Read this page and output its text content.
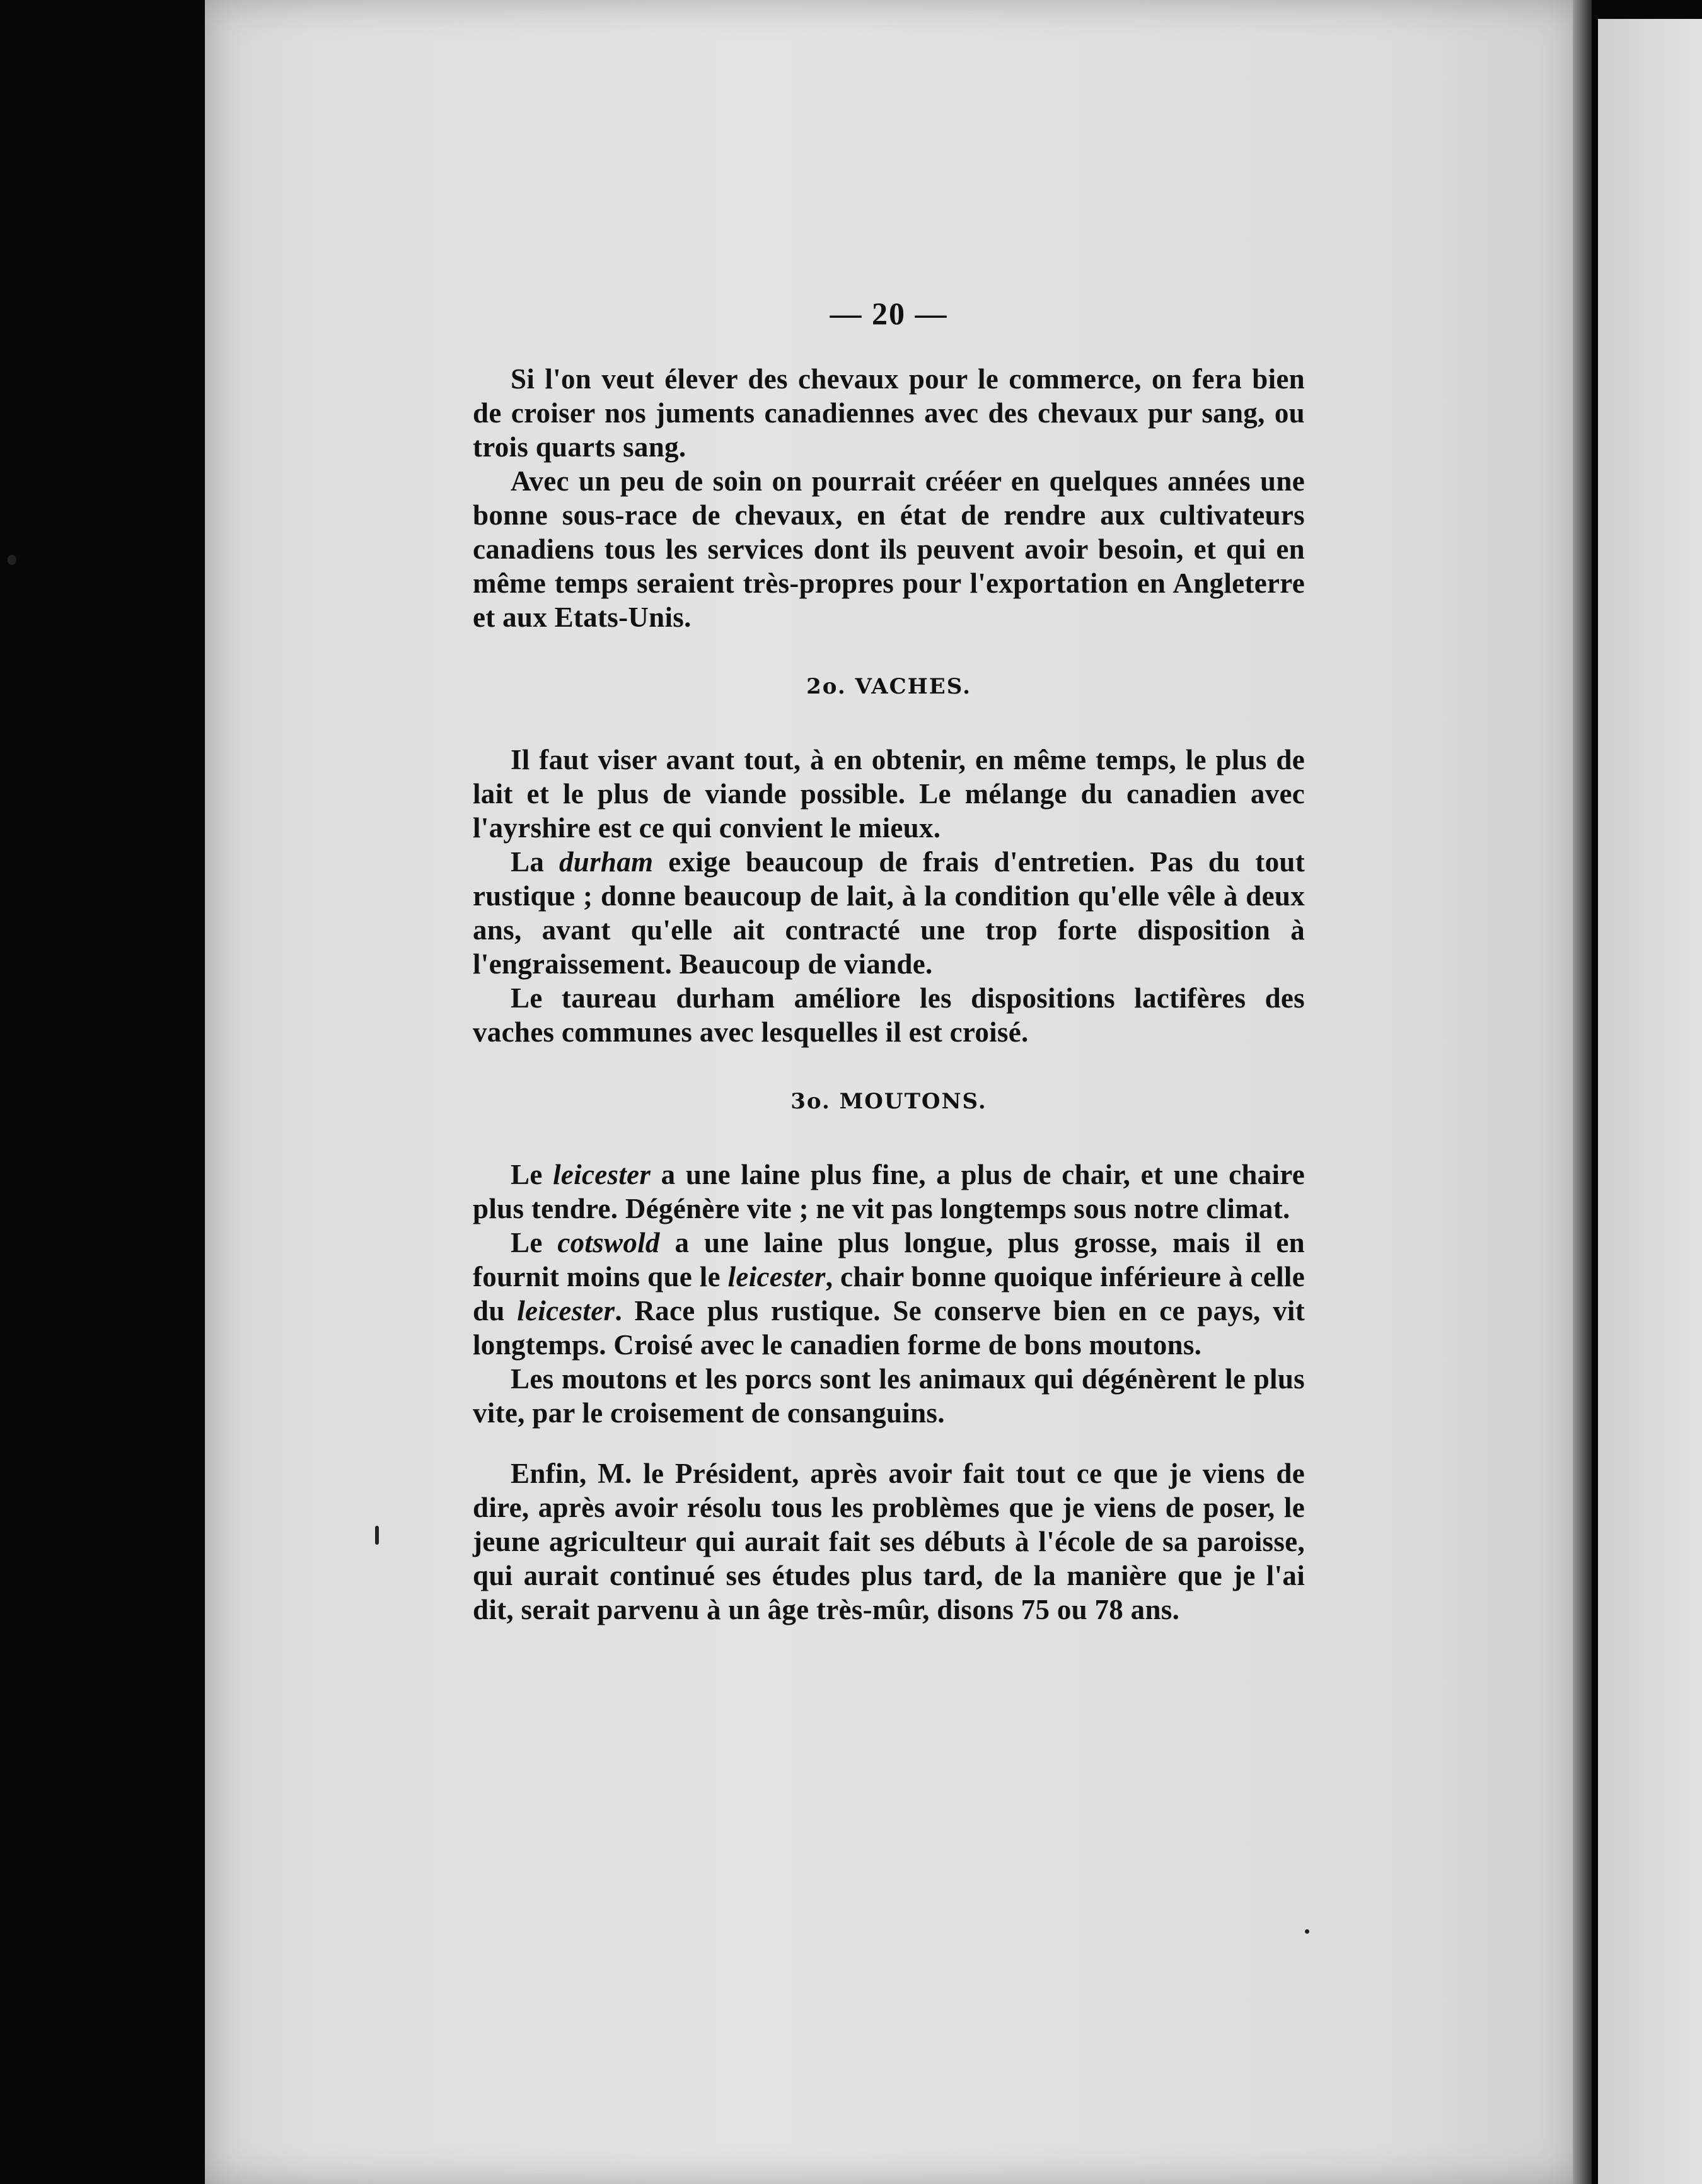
— 20 —

Si l'on veut élever des chevaux pour le commerce, on fera bien de croiser nos juments canadiennes avec des chevaux pur sang, ou trois quarts sang.

Avec un peu de soin on pourrait crééer en quelques années une bonne sous-race de chevaux, en état de rendre aux cultivateurs canadiens tous les services dont ils peuvent avoir besoin, et qui en même temps seraient très-propres pour l'exportation en Angleterre et aux Etats-Unis.

2o. VACHES.

Il faut viser avant tout, à en obtenir, en même temps, le plus de lait et le plus de viande possible. Le mélange du canadien avec l'ayrshire est ce qui convient le mieux.

La durham exige beaucoup de frais d'entretien. Pas du tout rustique ; donne beaucoup de lait, à la condition qu'elle vêle à deux ans, avant qu'elle ait contracté une trop forte disposition à l'engraissement. Beaucoup de viande.

Le taureau durham améliore les dispositions lactifères des vaches communes avec lesquelles il est croisé.

3o. MOUTONS.

Le leicester a une laine plus fine, a plus de chair, et une chaire plus tendre. Dégénère vite ; ne vit pas longtemps sous notre climat.

Le cotswold a une laine plus longue, plus grosse, mais il en fournit moins que le leicester, chair bonne quoique inférieure à celle du leicester. Race plus rustique. Se conserve bien en ce pays, vit longtemps. Croisé avec le canadien forme de bons moutons.

Les moutons et les porcs sont les animaux qui dégénèrent le plus vite, par le croisement de consanguins.

Enfin, M. le Président, après avoir fait tout ce que je viens de dire, après avoir résolu tous les problèmes que je viens de poser, le jeune agriculteur qui aurait fait ses débuts à l'école de sa paroisse, qui aurait continué ses études plus tard, de la manière que je l'ai dit, serait parvenu à un âge très-mûr, disons 75 ou 78 ans.
